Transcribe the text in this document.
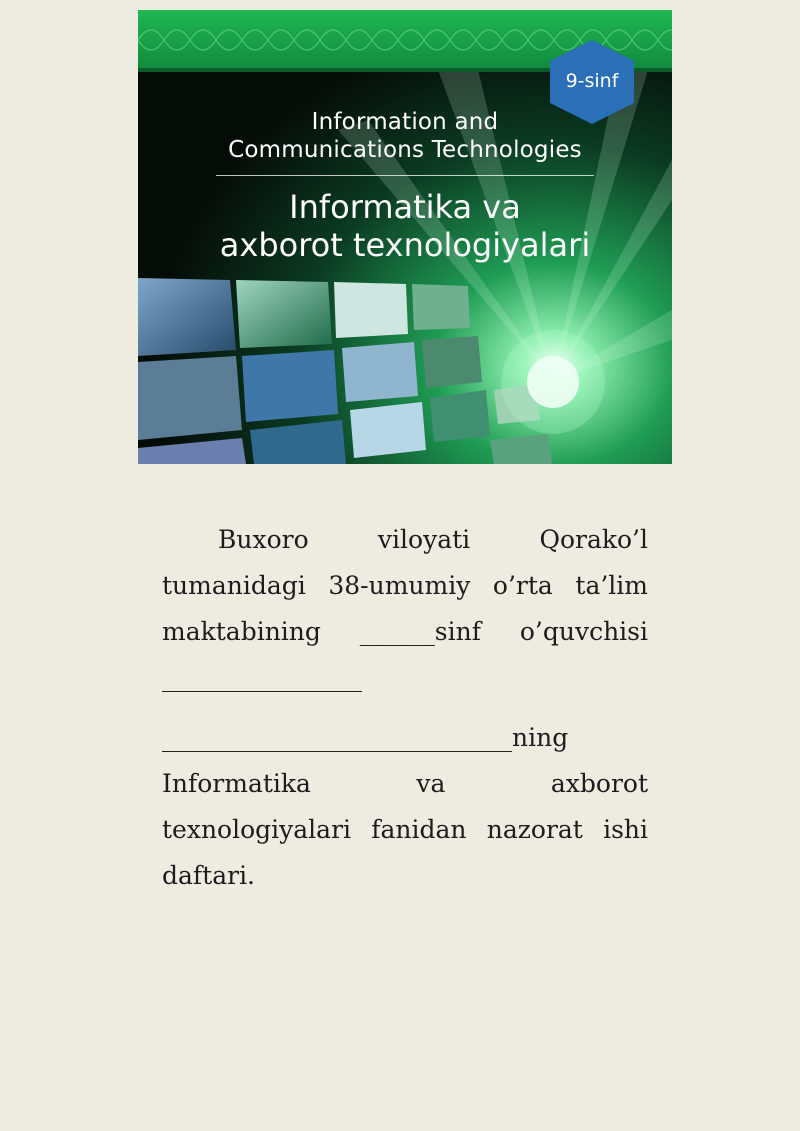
Information and
Communications Technologies
Informatika va
axborot texnologiyalari
9-sinf
Buxoro viloyati Qorako’l tumanidagi 38-umumiy o’rta ta’lim maktabining ______sinf o’quvchisi ________________
____________________________ning Informatika va axborot texnologiyalari fanidan nazorat ishi daftari.
